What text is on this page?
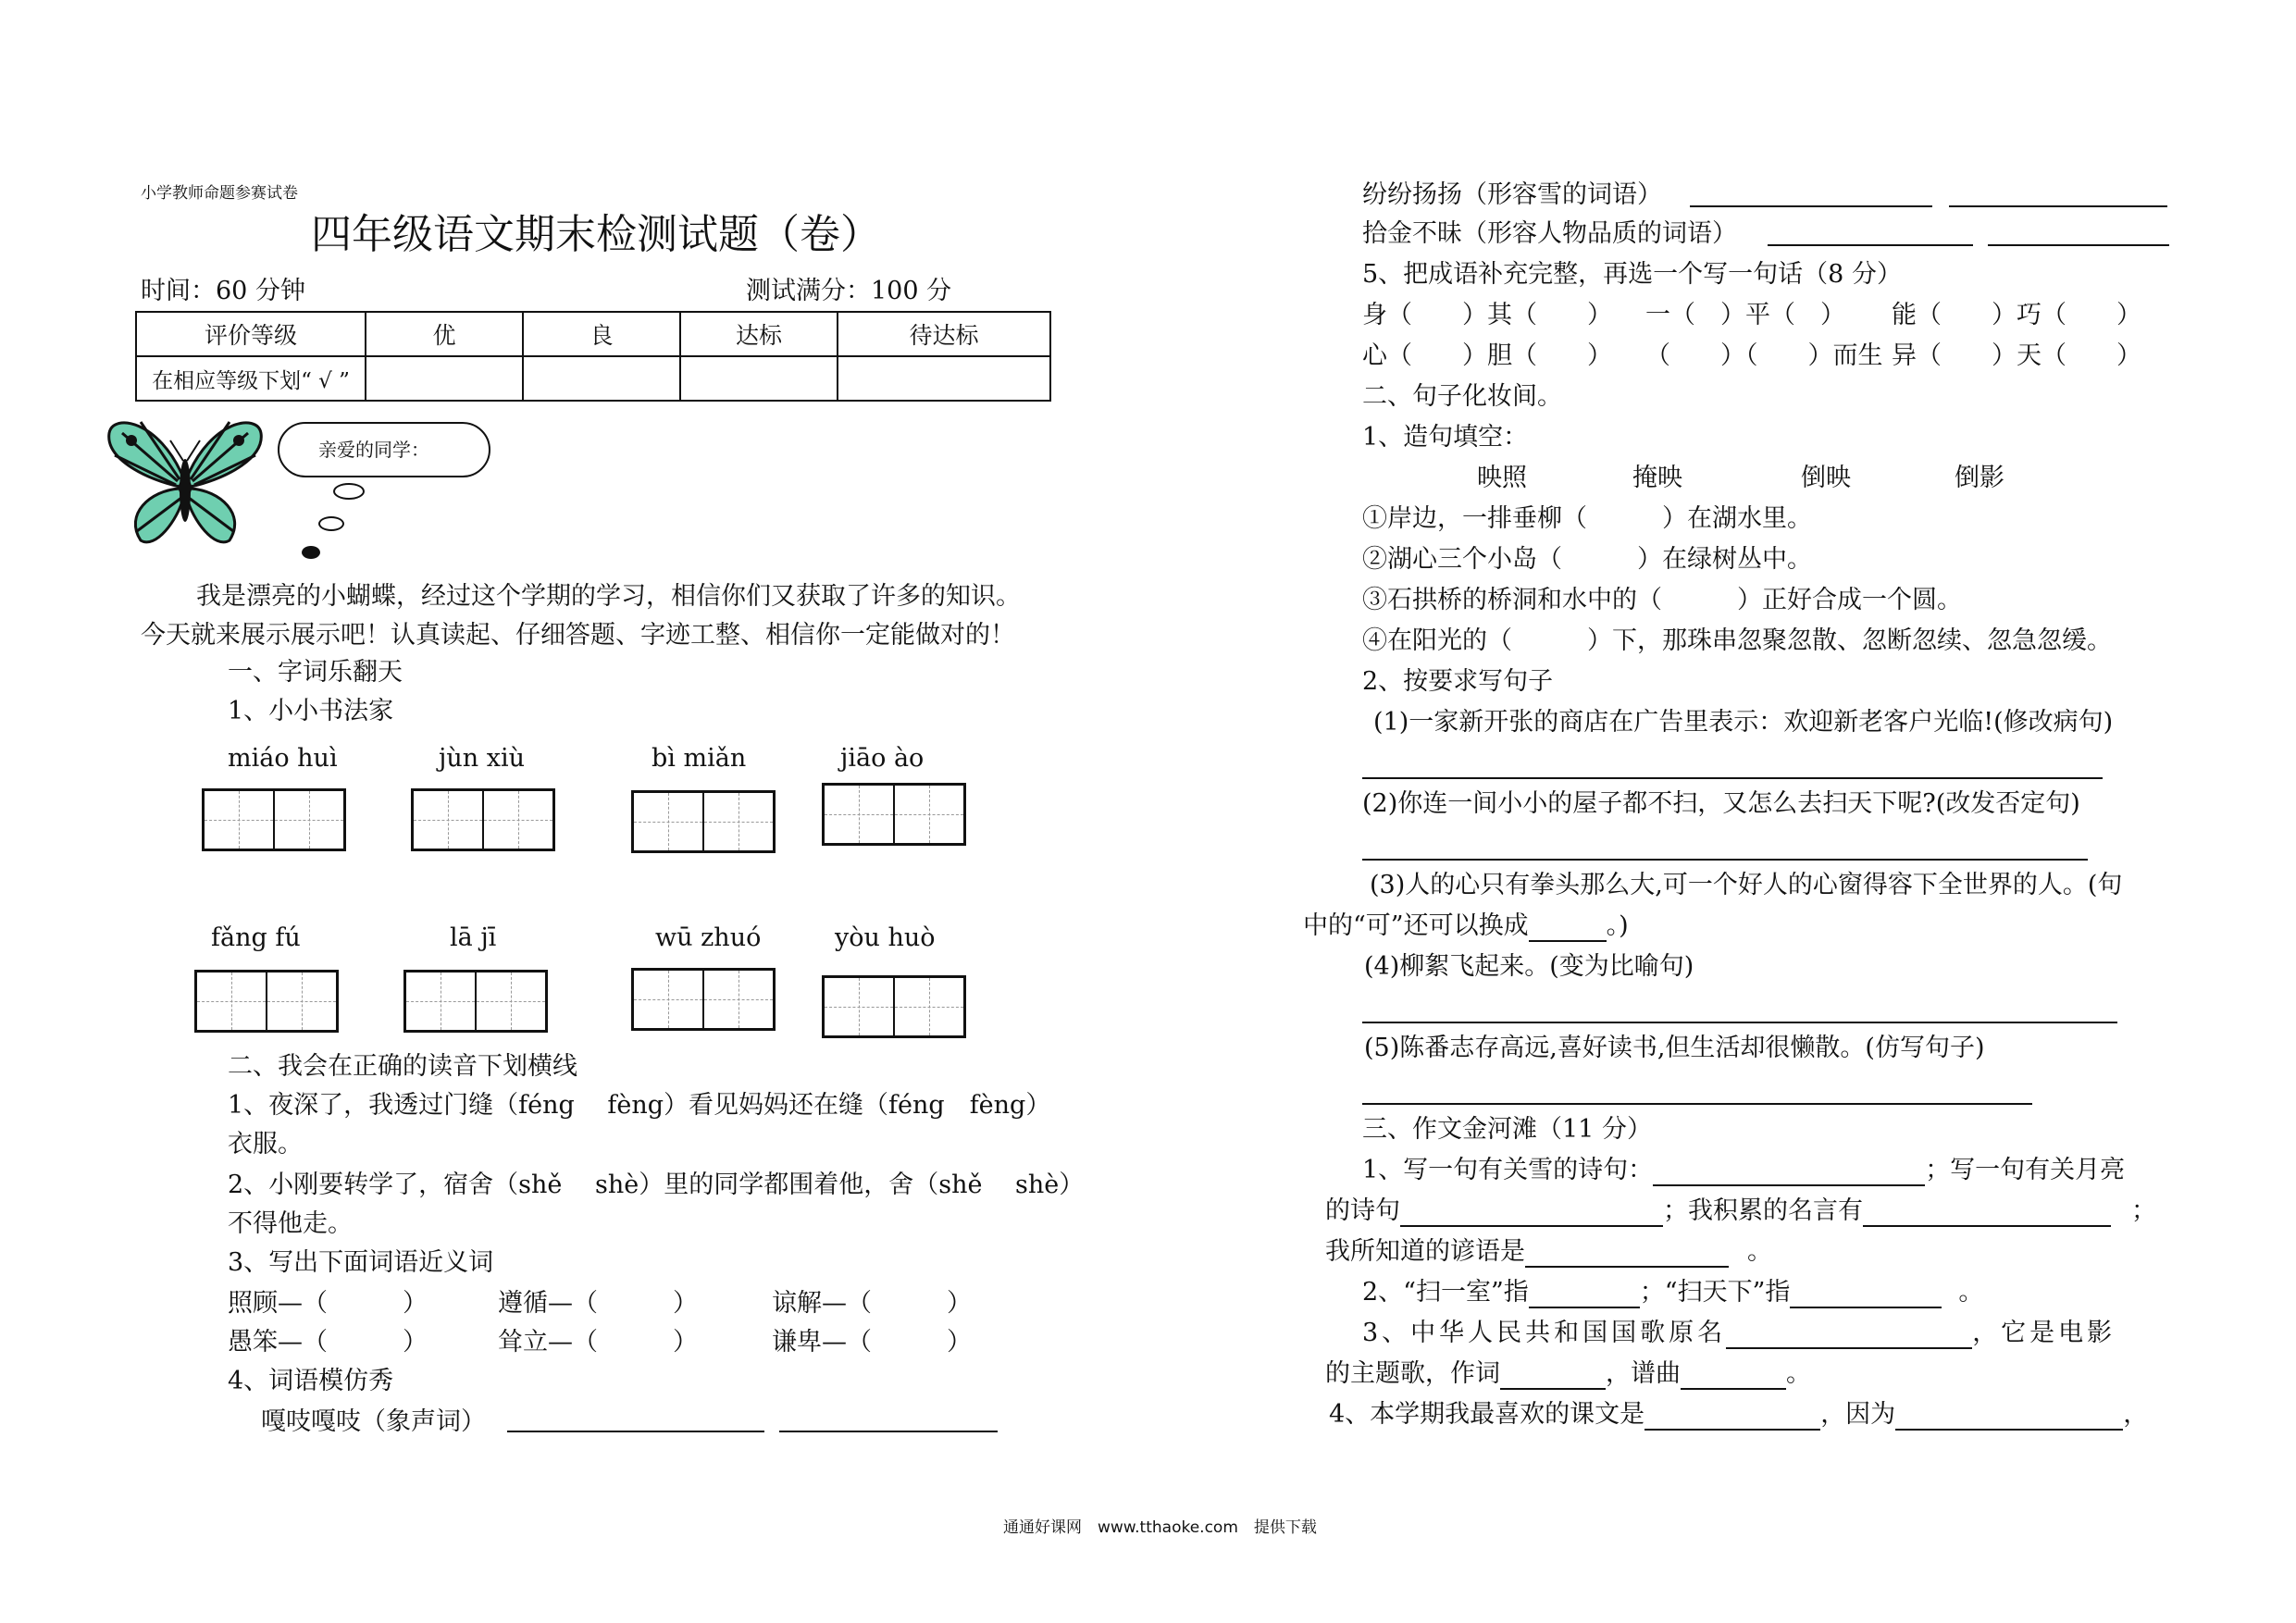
小学教师命题参赛试卷
四年级语文期末检测试题（卷）
时间：60 分钟	测试满分：100 分
评价等级	优	良	达标	待达标
在相应等级下划“ √ ”				
亲爱的同学：
我是漂亮的小蝴蝶，经过这个学期的学习，相信你们又获取了许多的知识。
今天就来展示展示吧！认真读起、仔细答题、字迹工整、相信你一定能做对的！
一、字词乐翻天
1、小小书法家
miáo huì	jùn xiù	bì miǎn	jiāo ào
fǎng fú	lā jī	wū zhuó	yòu huò
二、我会在正确的读音下划横线
1、夜深了，我透过门缝（féng　 fèng）看见妈妈还在缝（féng　fèng）
衣服。
2、小刚要转学了，宿舍（shě　 shè）里的同学都围着他，舍（shě　 shè）
不得他走。
3、写出下面词语近义词
照顾—（　　　）	遵循—（　　　）	谅解—（　　　）
愚笨—（　　　）	耸立—（　　　）	谦卑—（　　　）
4、词语模仿秀
嘎吱嘎吱（象声词）
纷纷扬扬（形容雪的词语）
拾金不昧（形容人物品质的词语）
5、把成语补充完整，再选一个写一句话（8 分）
身（　　）其（　　） 一（　）平（　） 能（　　）巧（　　）
心（　　）胆（　　） （　　）（　　）而生 异（　　）天（　　）
二、句子化妆间。
1、造句填空：
映照	掩映	倒映	倒影
①岸边，一排垂柳（　　　）在湖水里。
②湖心三个小岛（　　　）在绿树丛中。
③石拱桥的桥洞和水中的（　　　）正好合成一个圆。
④在阳光的（　　　）下，那珠串忽聚忽散、忽断忽续、忽急忽缓。
2、按要求写句子
(1)一家新开张的商店在广告里表示：欢迎新老客户光临!(修改病句)
(2)你连一间小小的屋子都不扫，又怎么去扫天下呢?(改发否定句)
(3)人的心只有拳头那么大,可一个好人的心窗得容下全世界的人。(句
中的“可”还可以换成	。)
(4)柳絮飞起来。(变为比喻句)
(5)陈番志存高远,喜好读书,但生活却很懒散。(仿写句子)
三、作文金河滩（11 分）
1、写一句有关雪的诗句：	；写一句有关月亮
的诗句	；我积累的名言有	；
我所知道的谚语是	。
2、“扫一室”指	；“扫天下”指	。
3、中华人民共和国国歌原名	，它是电影
的主题歌，作词	，谱曲	。
4、本学期我最喜欢的课文是	，因为	，
通通好课网　www.tthaoke.com　提供下载
